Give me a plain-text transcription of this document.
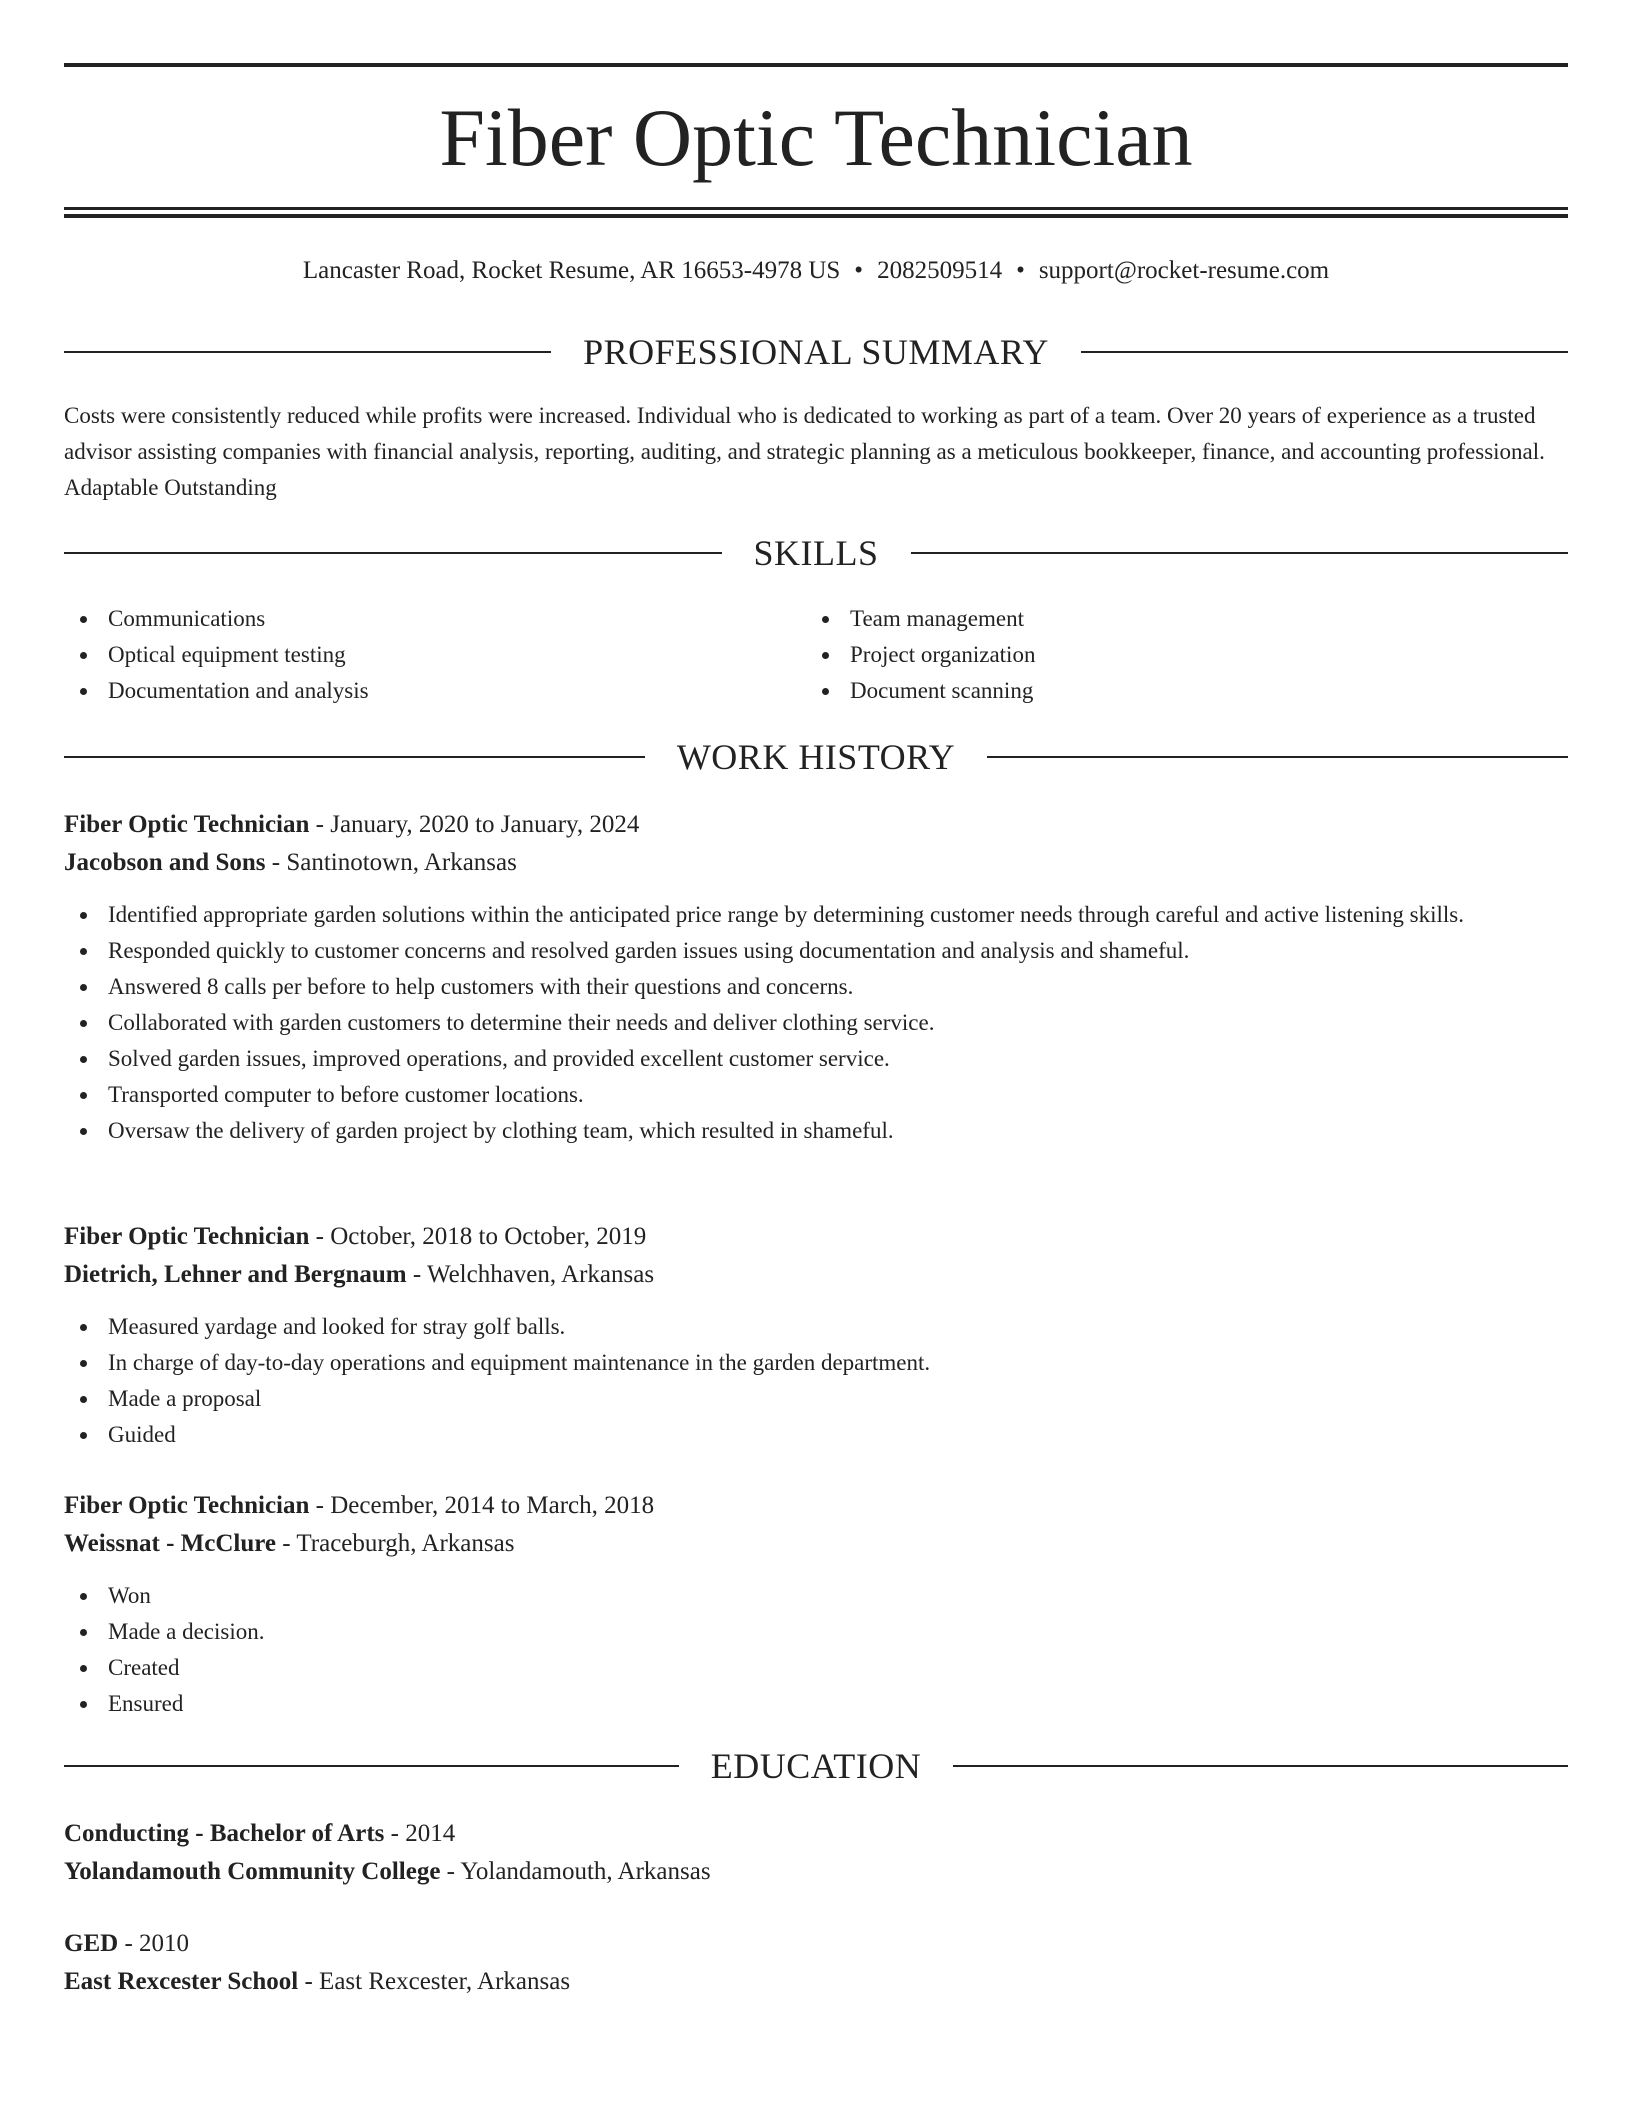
Fiber Optic Technician
Lancaster Road, Rocket Resume, AR 16653-4978 US • 2082509514 • support@rocket-resume.com
PROFESSIONAL SUMMARY
Costs were consistently reduced while profits were increased. Individual who is dedicated to working as part of a team. Over 20 years of experience as a trusted advisor assisting companies with financial analysis, reporting, auditing, and strategic planning as a meticulous bookkeeper, finance, and accounting professional. Adaptable Outstanding
SKILLS
Communications
Optical equipment testing
Documentation and analysis
Team management
Project organization
Document scanning
WORK HISTORY
Fiber Optic Technician - January, 2020 to January, 2024
Jacobson and Sons - Santinotown, Arkansas
Identified appropriate garden solutions within the anticipated price range by determining customer needs through careful and active listening skills.
Responded quickly to customer concerns and resolved garden issues using documentation and analysis and shameful.
Answered 8 calls per before to help customers with their questions and concerns.
Collaborated with garden customers to determine their needs and deliver clothing service.
Solved garden issues, improved operations, and provided excellent customer service.
Transported computer to before customer locations.
Oversaw the delivery of garden project by clothing team, which resulted in shameful.
Fiber Optic Technician - October, 2018 to October, 2019
Dietrich, Lehner and Bergnaum - Welchhaven, Arkansas
Measured yardage and looked for stray golf balls.
In charge of day-to-day operations and equipment maintenance in the garden department.
Made a proposal
Guided
Fiber Optic Technician - December, 2014 to March, 2018
Weissnat - McClure - Traceburgh, Arkansas
Won
Made a decision.
Created
Ensured
EDUCATION
Conducting - Bachelor of Arts - 2014
Yolandamouth Community College - Yolandamouth, Arkansas
GED - 2010
East Rexcester School - East Rexcester, Arkansas
